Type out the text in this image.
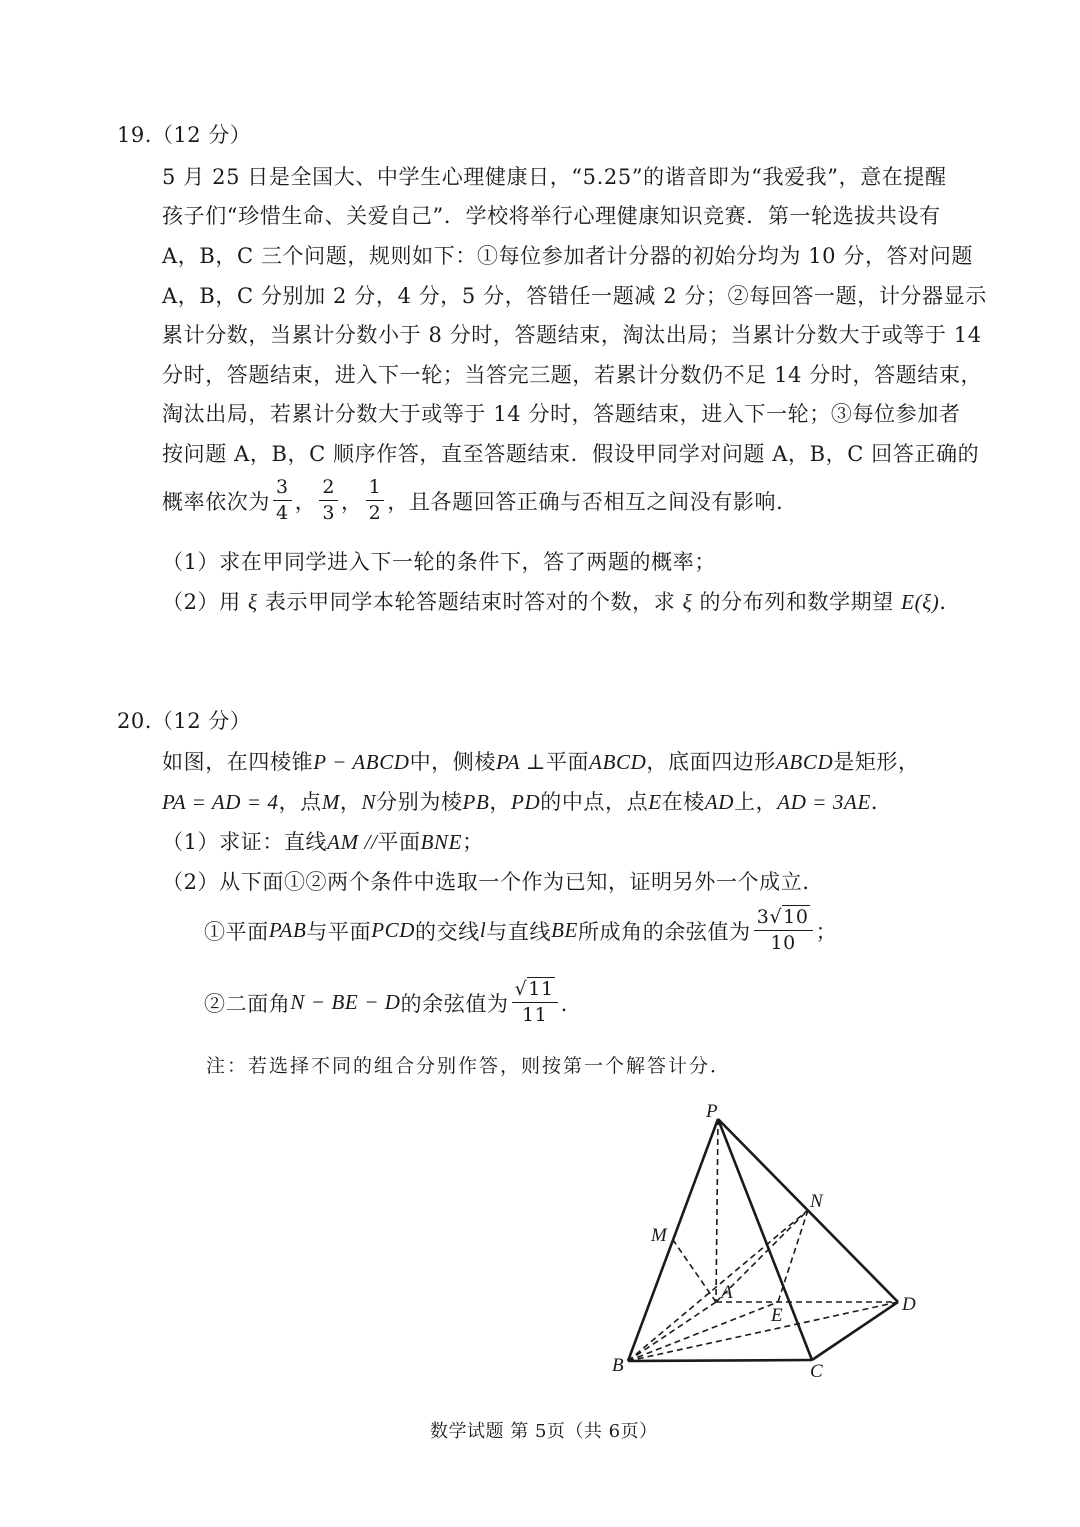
19.（12 分）
5 月 25 日是全国大、中学生心理健康日，“5.25”的谐音即为“我爱我”，意在提醒
孩子们“珍惜生命、关爱自己”．学校将举行心理健康知识竞赛．第一轮选拔共设有
A，B，C 三个问题，规则如下：①每位参加者计分器的初始分均为 10 分，答对问题
A，B，C 分别加 2 分，4 分，5 分，答错任一题减 2 分；②每回答一题，计分器显示
累计分数，当累计分数小于 8 分时，答题结束，淘汰出局；当累计分数大于或等于 14
分时，答题结束，进入下一轮；当答完三题，若累计分数仍不足 14 分时，答题结束，
淘汰出局，若累计分数大于或等于 14 分时，答题结束，进入下一轮；③每位参加者
按问题 A，B，C 顺序作答，直至答题结束．假设甲同学对问题 A，B，C 回答正确的
概率依次为 $\frac{3}{4}$ ， $\frac{2}{3}$ ， $\frac{1}{2}$ ，且各题回答正确与否相互之间没有影响．
（1）求在甲同学进入下一轮的条件下，答了两题的概率；
（2）用 ξ 表示甲同学本轮答题结束时答对的个数，求 ξ 的分布列和数学期望 E(ξ)．
20.（12 分）
如图，在四棱锥P − ABCD中，侧棱PA ⊥平面ABCD，底面四边形ABCD是矩形，
PA = AD = 4，点M，N分别为棱PB，PD的中点，点E在棱AD上，AD = 3AE．
（1）求证：直线AM //平面BNE；
（2）从下面①②两个条件中选取一个作为已知，证明另外一个成立．
①平面 PAB 与平面 PCD 的交线 l 与直线 BE 所成角的余弦值为 $\frac{3√10}{10}$ ；
②二面角 N − BE − D 的余弦值为 $\frac{√11}{11}$ ．
注：若选择不同的组合分别作答，则按第一个解答计分．
P
M
N
A
E
D
B	C
数学试题 第 5页（共 6页）
